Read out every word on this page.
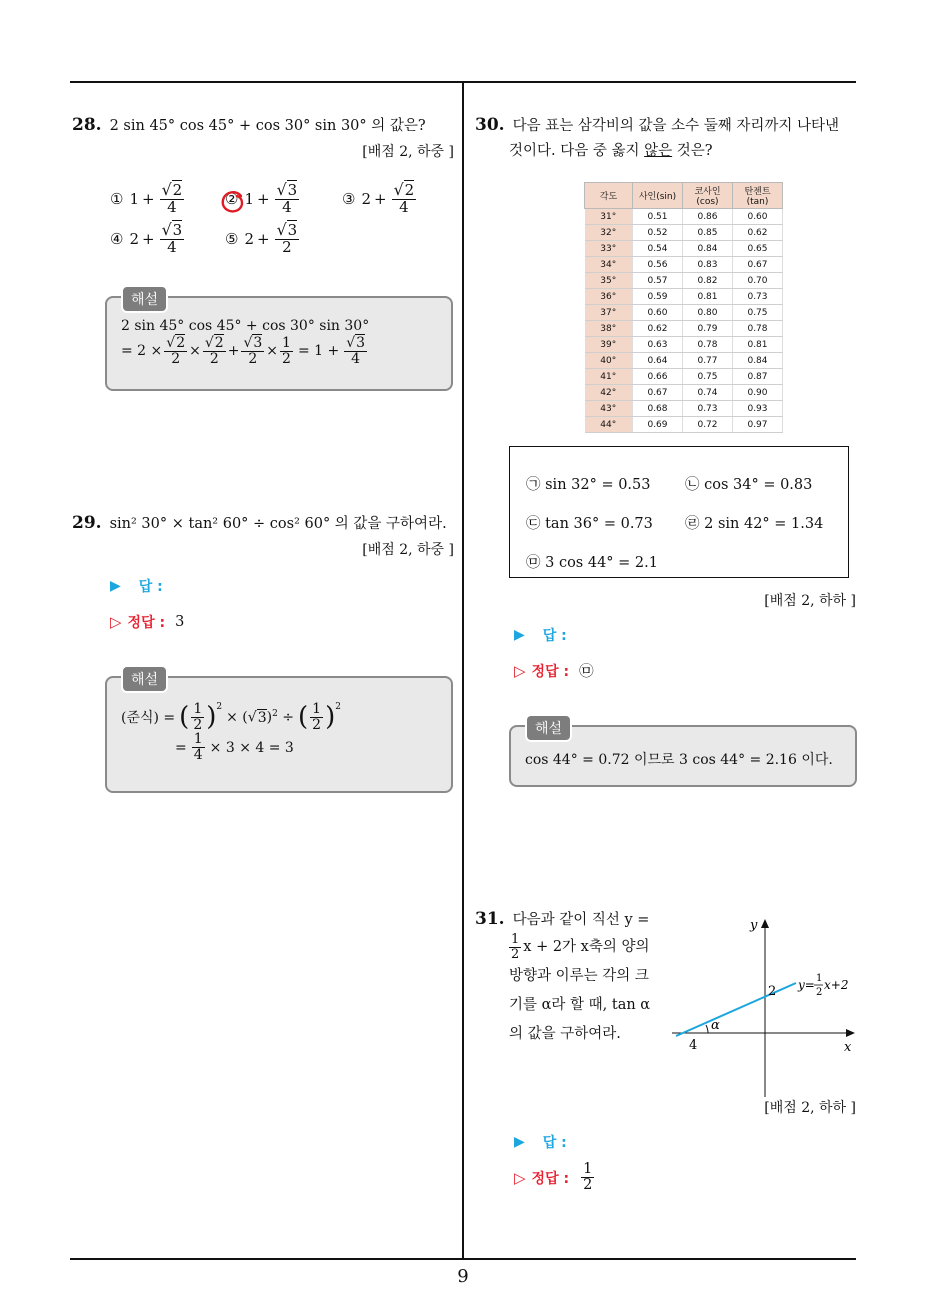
9
28. 2 sin 45° cos 45° + cos 30° sin 30° 의 값은?
[배점 2, 하중 ]
① $1 + \frac{√2}{4}$	② $1 + \frac{√3}{4}$	③ $2 + \frac{√2}{4}$
④ $2 + \frac{√3}{4}$	⑤ $2 + \frac{√3}{2}$
해설
2 sin 45° cos 45° + cos 30° sin 30°
= $2 \times \frac{√2}{2} \times \frac{√2}{2} + \frac{√3}{2} \times \frac{1}{2} = 1 + \frac{√3}{4}$
29. sin² 30° × tan² 60° ÷ cos² 60° 의 값을 구하여라.
[배점 2, 하중 ]
▶ 답 :
▷ 정답 : 3
해설
(준식) = ( $\frac{1}{2} )^2$
× $(√3)^2$ ÷ ( $\frac{1}{2} )^2$
= $\frac{1}{4} \times 3 \times 4 = 3$
30. 다음 표는 삼각비의 값을 소수 둘째 자리까지 나타낸
것이다. 다음 중 옳지 않은 것은?
각도	사인(sin)	코사인(cos)	탄젠트(tan)
31°	0.51	0.86	0.60
32°	0.52	0.85	0.62
33°	0.54	0.84	0.65
34°	0.56	0.83	0.67
35°	0.57	0.82	0.70
36°	0.59	0.81	0.73
37°	0.60	0.80	0.75
38°	0.62	0.79	0.78
39°	0.63	0.78	0.81
40°	0.64	0.77	0.84
41°	0.66	0.75	0.87
42°	0.67	0.74	0.90
43°	0.68	0.73	0.93
44°	0.69	0.72	0.97
㉠ sin 32° = 0.53 ㉡ cos 34° = 0.83
㉢ tan 36° = 0.73 ㉣ 2 sin 42° = 1.34
㉤ 3 cos 44° = 2.1
[배점 2, 하하 ]
▶ 답 :
▷ 정답 : ㉤
해설
cos 44° = 0.72 이므로 3 cos 44° = 2.16 이다.
31. 다음과 같이 직선 y =
$\frac{1}{2}$ x + 2가 x축의 양의
방향과 이루는 각의 크
기를 α라 할 때, tan α
의 값을 구하여라.
y
x
2
4
α
y= 1
2
x+2
[배점 2, 하하 ]
▶ 답 :
▷ 정답 : $\frac{1}{2}$
